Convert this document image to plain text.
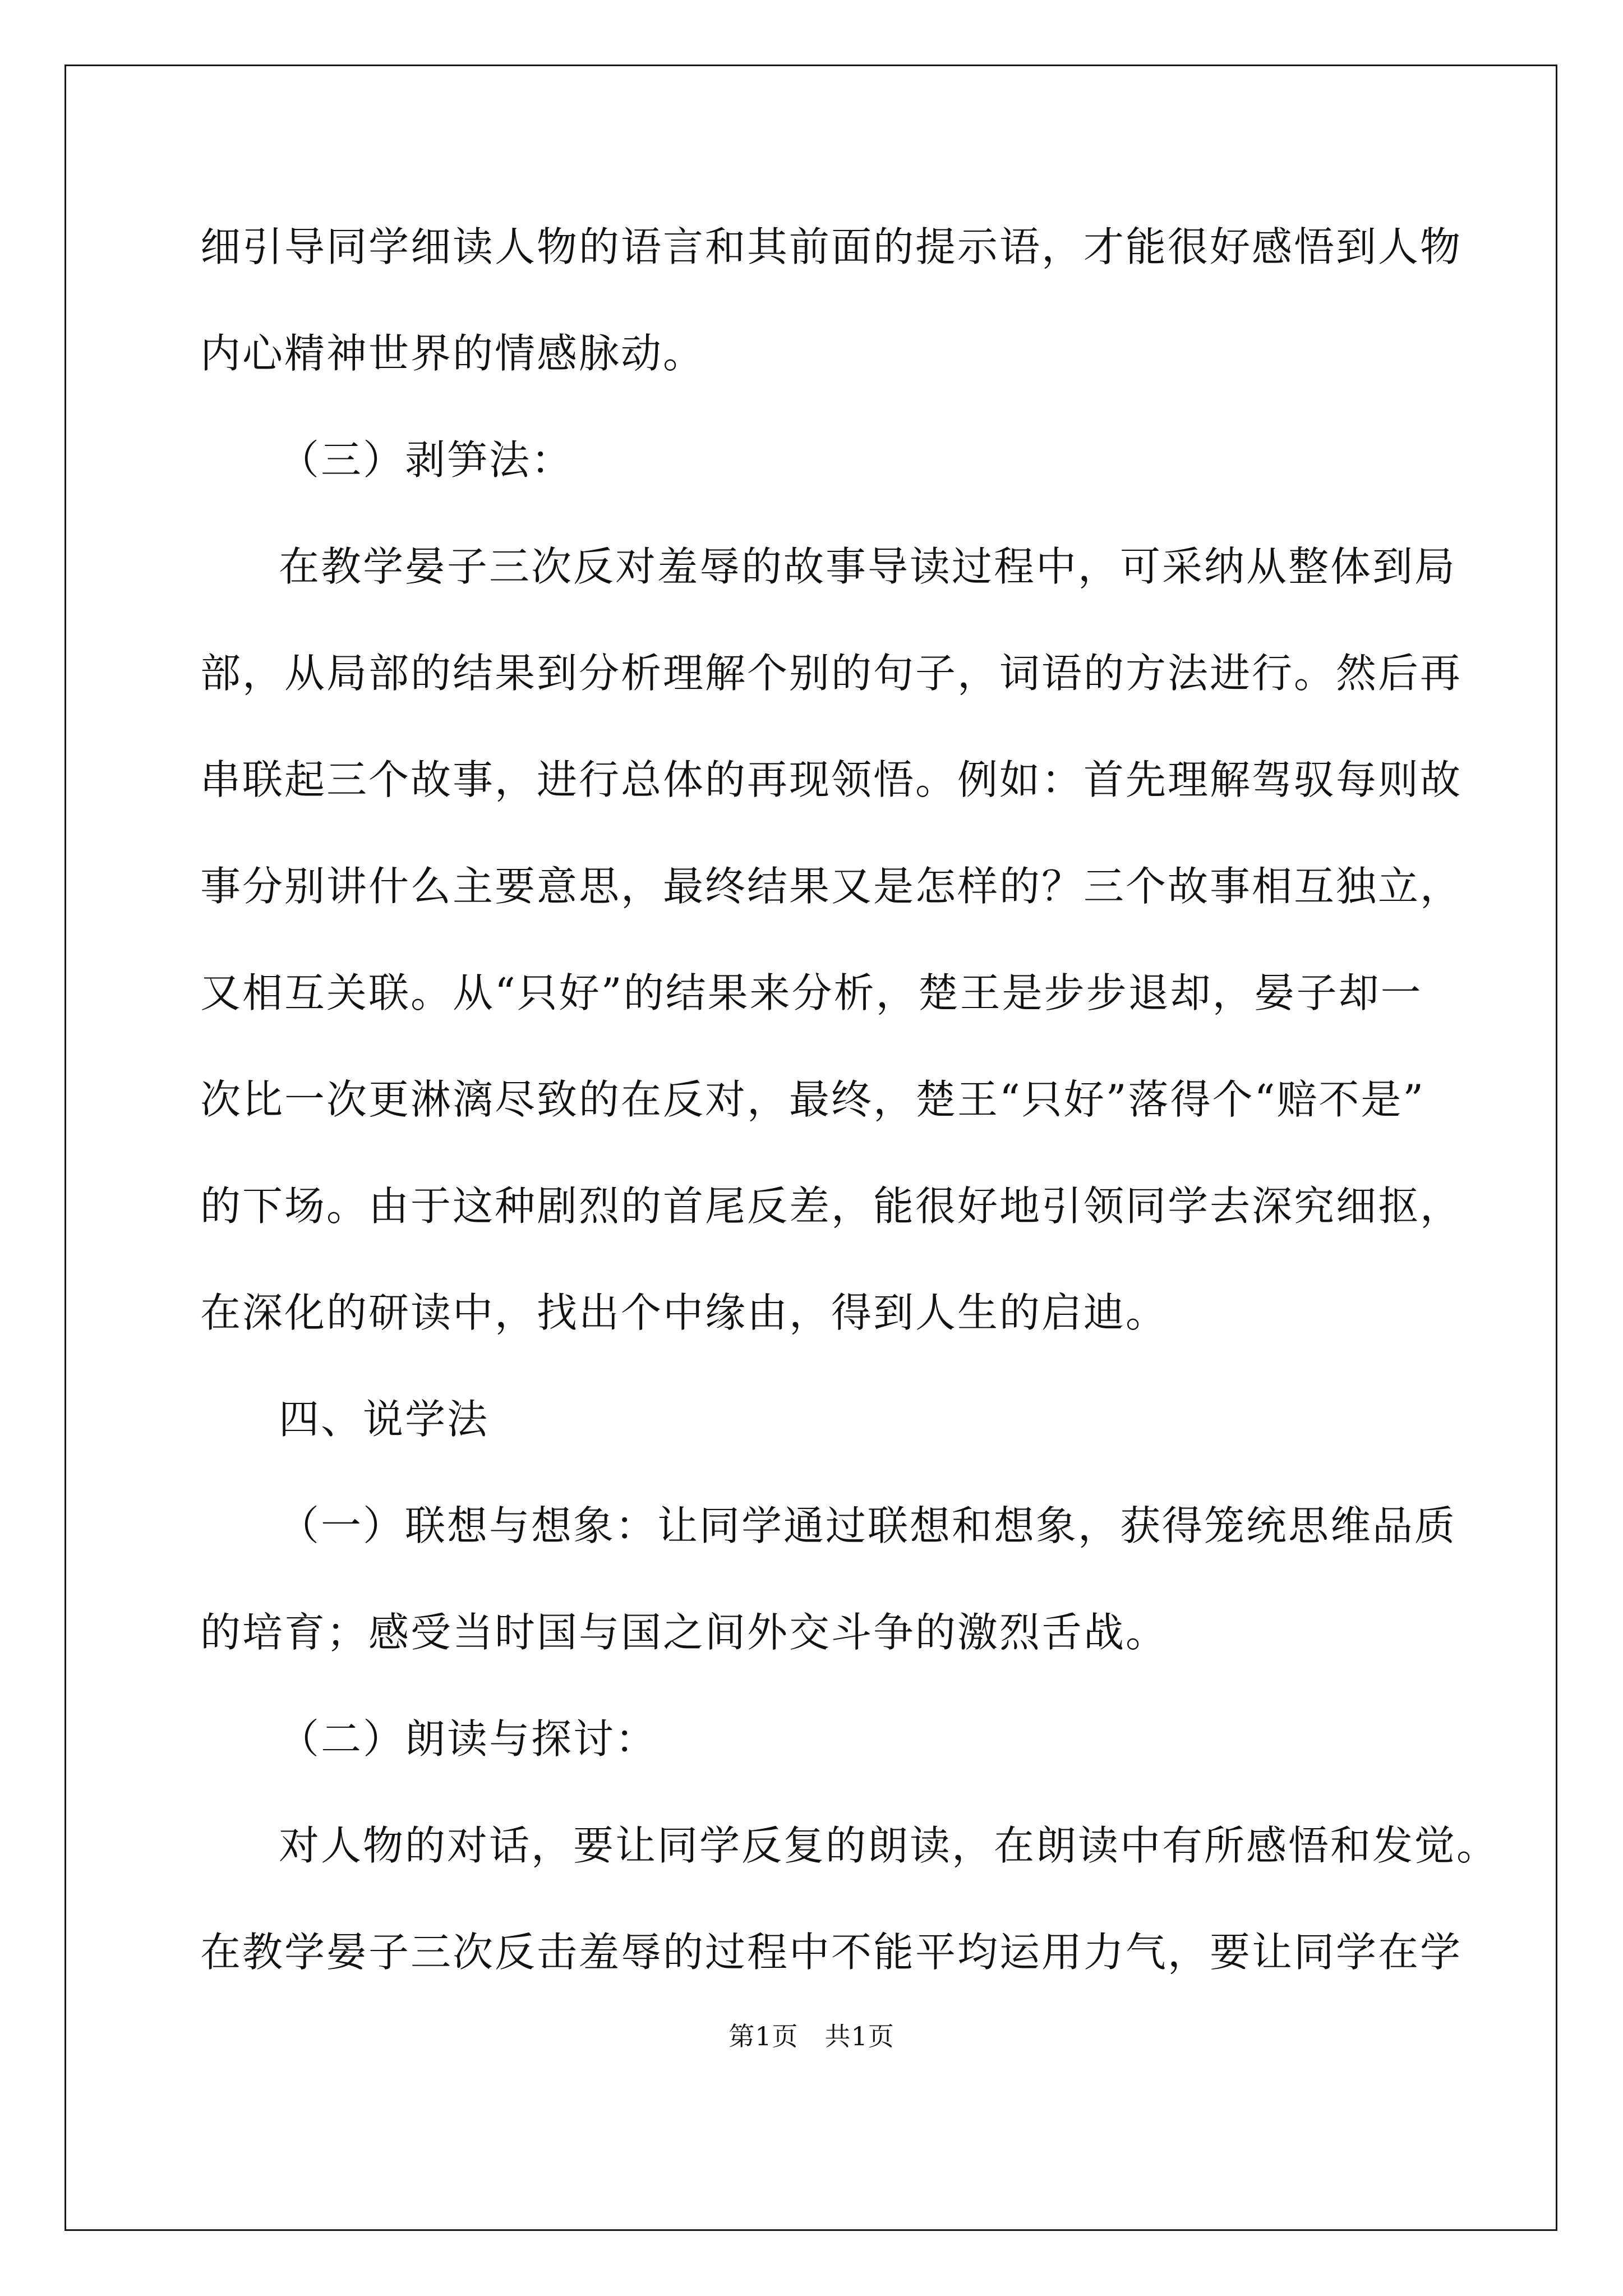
细引导同学细读人物的语言和其前面的提示语，才能很好感悟到人物
内心精神世界的情感脉动。
（三）剥笋法：
在教学晏子三次反对羞辱的故事导读过程中，可采纳从整体到局
部，从局部的结果到分析理解个别的句子，词语的方法进行。然后再
串联起三个故事，进行总体的再现领悟。例如：首先理解驾驭每则故
事分别讲什么主要意思，最终结果又是怎样的？三个故事相互独立，
又相互关联。从“只好”的结果来分析，楚王是步步退却，晏子却一
次比一次更淋漓尽致的在反对，最终，楚王“只好”落得个“赔不是”
的下场。由于这种剧烈的首尾反差，能很好地引领同学去深究细抠，
在深化的研读中，找出个中缘由，得到人生的启迪。
四、说学法
（一）联想与想象：让同学通过联想和想象，获得笼统思维品质
的培育；感受当时国与国之间外交斗争的激烈舌战。
（二）朗读与探讨：
对人物的对话，要让同学反复的朗读，在朗读中有所感悟和发觉。
在教学晏子三次反击羞辱的过程中不能平均运用力气，要让同学在学
第1页　共1页
